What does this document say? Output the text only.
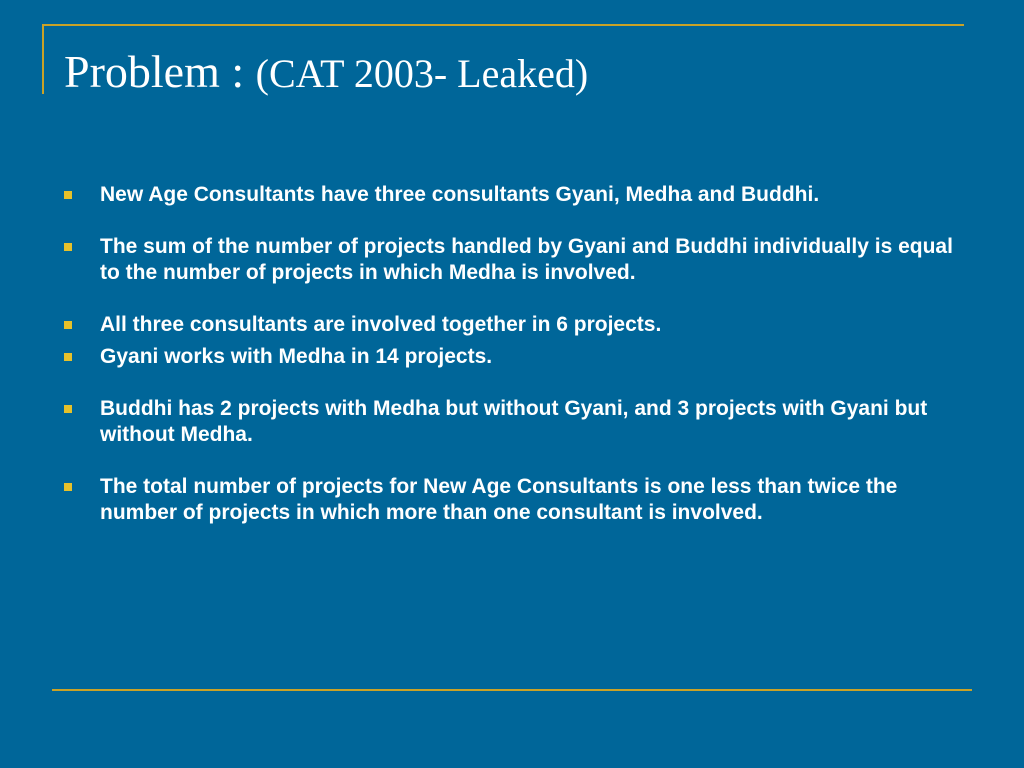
Problem : (CAT 2003- Leaked)
New Age Consultants have three consultants Gyani, Medha and Buddhi.
The sum of the number of projects handled by Gyani and Buddhi individually is equal to the number of projects in which Medha is involved.
All three consultants are involved together in 6 projects.
Gyani works with Medha in 14 projects.
Buddhi has 2 projects with Medha but without Gyani, and 3 projects with Gyani but without Medha.
The total number of projects for New Age Consultants is one less than twice the number of projects in which more than one consultant is involved.
